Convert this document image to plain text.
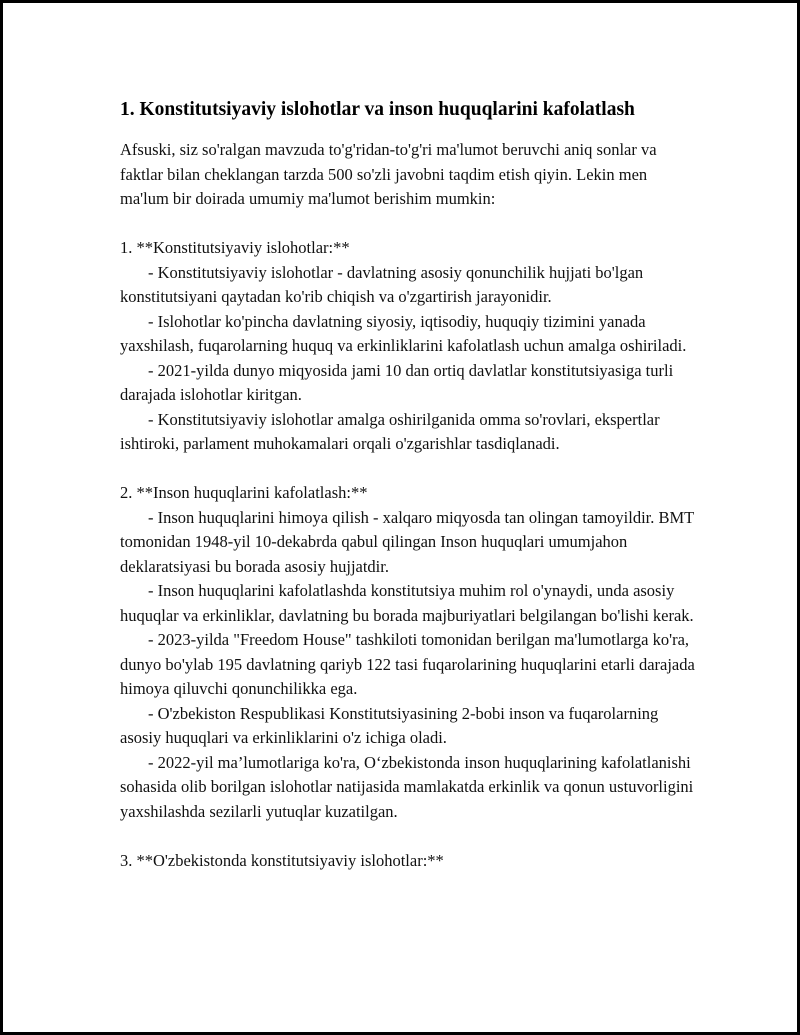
1. Konstitutsiyaviy islohotlar va inson huquqlarini kafolatlash

Afsuski, siz so'ralgan mavzuda to'g'ridan-to'g'ri ma'lumot beruvchi aniq sonlar va faktlar bilan cheklangan tarzda 500 so'zli javobni taqdim etish qiyin. Lekin men ma'lum bir doirada umumiy ma'lumot berishim mumkin:

1. **Konstitutsiyaviy islohotlar:**

- Konstitutsiyaviy islohotlar - davlatning asosiy qonunchilik hujjati bo'lgan konstitutsiyani qaytadan ko'rib chiqish va o'zgartirish jarayonidir.

- Islohotlar ko'pincha davlatning siyosiy, iqtisodiy, huquqiy tizimini yanada yaxshilash, fuqarolarning huquq va erkinliklarini kafolatlash uchun amalga oshiriladi.

- 2021-yilda dunyo miqyosida jami 10 dan ortiq davlatlar konstitutsiyasiga turli darajada islohotlar kiritgan.

- Konstitutsiyaviy islohotlar amalga oshirilganida omma so'rovlari, ekspertlar ishtiroki, parlament muhokamalari orqali o'zgarishlar tasdiqlanadi.

2. **Inson huquqlarini kafolatlash:**

- Inson huquqlarini himoya qilish - xalqaro miqyosda tan olingan tamoyildir. BMT tomonidan 1948-yil 10-dekabrda qabul qilingan Inson huquqlari umumjahon deklaratsiyasi bu borada asosiy hujjatdir.

- Inson huquqlarini kafolatlashda konstitutsiya muhim rol o'ynaydi, unda asosiy huquqlar va erkinliklar, davlatning bu borada majburiyatlari belgilangan bo'lishi kerak.

- 2023-yilda "Freedom House" tashkiloti tomonidan berilgan ma'lumotlarga ko'ra, dunyo bo'ylab 195 davlatning qariyb 122 tasi fuqarolarining huquqlarini etarli darajada himoya qiluvchi qonunchilikka ega.

- O'zbekiston Respublikasi Konstitutsiyasining 2-bobi inson va fuqarolarning asosiy huquqlari va erkinliklarini o'z ichiga oladi.

- 2022-yil ma’lumotlariga ko'ra, O‘zbekistonda inson huquqlarining kafolatlanishi sohasida olib borilgan islohotlar natijasida mamlakatda erkinlik va qonun ustuvorligini yaxshilashda sezilarli yutuqlar kuzatilgan.

3. **O'zbekistonda konstitutsiyaviy islohotlar:**
